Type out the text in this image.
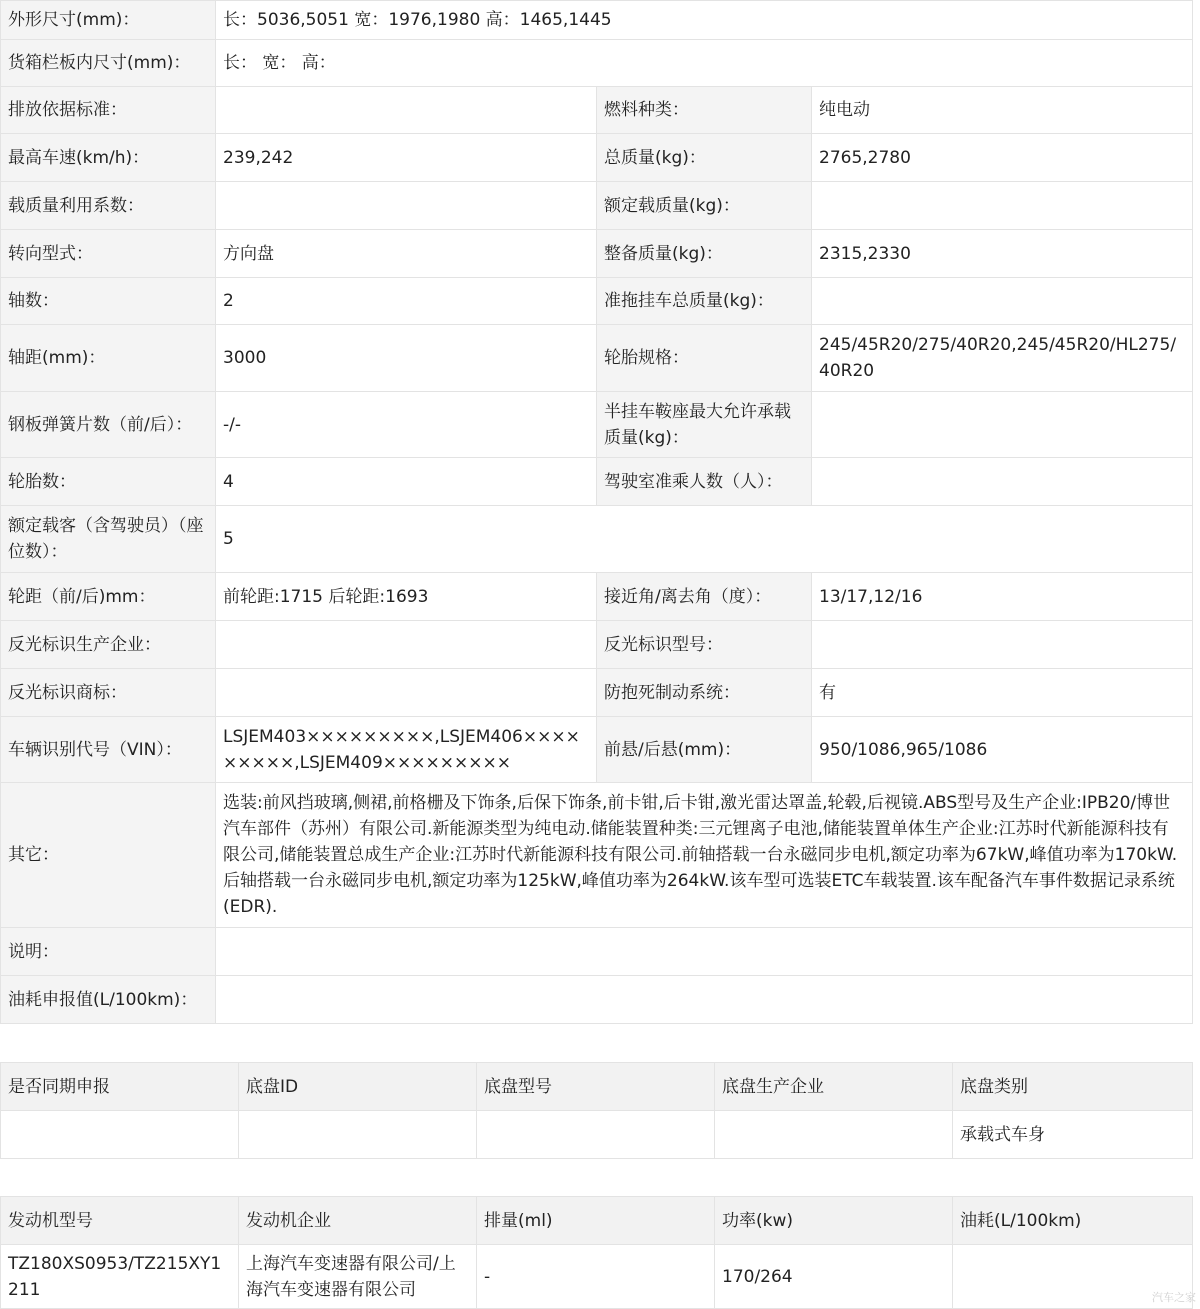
外形尺寸(mm)：	长：5036,5051 宽：1976,1980 高：1465,1445		
货箱栏板内尺寸(mm)：	长： 宽： 高：		
排放依据标准：		燃料种类：	纯电动
最高车速(km/h)：	239,242	总质量(kg)：	2765,2780
载质量利用系数：		额定载质量(kg)：	
转向型式：	方向盘	整备质量(kg)：	2315,2330
轴数：	2	准拖挂车总质量(kg)：	
轴距(mm)：	3000	轮胎规格：	245/45R20/275/40R20,245/45R20/HL275/40R20
钢板弹簧片数（前/后）：	-/-	半挂车鞍座最大允许承载质量(kg)：	
轮胎数：	4	驾驶室准乘人数（人）：	
额定载客（含驾驶员）（座位数）：	5		
轮距（前/后)mm：	前轮距:1715 后轮距:1693	接近角/离去角（度）：	13/17,12/16
反光标识生产企业：		反光标识型号：	
反光标识商标：		防抱死制动系统：	有
车辆识别代号（VIN）：	LSJEM403×××××××××,LSJEM406×××××××××,LSJEM409×××××××××	前悬/后悬(mm)：	950/1086,965/1086
其它：	选装:前风挡玻璃,侧裙,前格栅及下饰条,后保下饰条,前卡钳,后卡钳,激光雷达罩盖,轮毂,后视镜.ABS型号及生产企业:IPB20/博世汽车部件（苏州）有限公司.新能源类型为纯电动.储能装置种类:三元锂离子电池,储能装置单体生产企业:江苏时代新能源科技有限公司,储能装置总成生产企业:江苏时代新能源科技有限公司.前轴搭载一台永磁同步电机,额定功率为67kW,峰值功率为170kW.后轴搭载一台永磁同步电机,额定功率为125kW,峰值功率为264kW.该车型可选装ETC车载装置.该车配备汽车事件数据记录系统(EDR).		
说明：			
油耗申报值(L/100km)：			
是否同期申报	底盘ID	底盘型号	底盘生产企业	底盘类别
				承载式车身
发动机型号	发动机企业	排量(ml)	功率(kw)	油耗(L/100km)
TZ180XS0953/TZ215XY1211	上海汽车变速器有限公司/上海汽车变速器有限公司	-	170/264	
汽车之家
